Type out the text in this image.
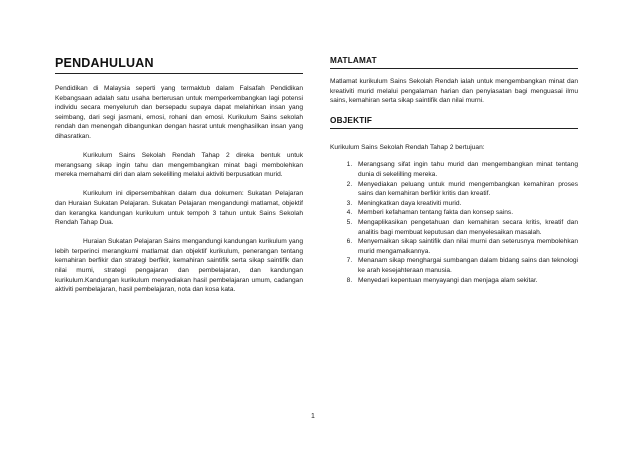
PENDAHULUAN

Pendidikan di Malaysia seperti yang termaktub dalam Falsafah Pendidikan Kebangsaan adalah satu usaha berterusan untuk memperkembangkan lagi potensi individu secara menyeluruh dan bersepadu supaya dapat melahirkan insan yang seimbang, dari segi jasmani, emosi, rohani dan emosi. Kurikulum Sains sekolah rendah dan menengah dibangunkan dengan hasrat untuk menghasilkan insan yang dihasratkan.

Kurikulum Sains Sekolah Rendah Tahap 2 direka bentuk untuk merangsang sikap ingin tahu dan mengembangkan minat bagi membolehkan mereka memahami diri dan alam sekelilling melalui aktiviti berpusatkan murid.

Kurikulum ini dipersembahkan dalam dua dokumen: Sukatan Pelajaran dan Huraian Sukatan Pelajaran. Sukatan Pelajaran mengandungi matlamat, objektif dan kerangka kandungan kurikulum untuk tempoh 3 tahun untuk Sains Sekolah Rendah Tahap Dua.

Huraian Sukatan Pelajaran Sains mengandungi kandungan kurikulum yang lebih terperinci merangkumi matlamat dan objektif kurikulum, penerangan tentang kemahiran berfikir dan strategi berfikir, kemahiran saintifik serta sikap saintifik dan nilai murni, strategi pengajaran dan pembelajaran, dan kandungan kurikulum.Kandungan kurikulum menyediakan hasil pembelajaran umum, cadangan aktiviti pembelajaran, hasil pembelajaran, nota dan kosa kata.

MATLAMAT

Matlamat kurikulum Sains Sekolah Rendah ialah untuk mengembangkan minat dan kreativiti murid melalui pengalaman harian dan penyiasatan bagi menguasai ilmu sains, kemahiran serta sikap saintifik dan nilai murni.

OBJEKTIF

Kurikulum Sains Sekolah Rendah Tahap 2 bertujuan:

1. Merangsang sifat ingin tahu murid dan mengembangkan minat tentang dunia di sekelilling mereka.
2. Menyediakan peluang untuk murid mengembangkan kemahiran proses sains dan kemahiran berfikir kritis dan kreatif.
3. Meningkatkan daya kreativiti murid.
4. Memberi kefahaman tentang fakta dan konsep sains.
5. Mengaplikasikan pengetahuan dan kemahiran secara kritis, kreatif dan analitis bagi membuat keputusan dan menyelesaikan masalah.
6. Menyemaikan sikap saintifik dan nilai murni dan seterusnya membolehkan murid mengamalkannya.
7. Menanam sikap menghargai sumbangan dalam bidang sains dan teknologi ke arah kesejahteraan manusia.
8. Menyedari kepentuan menyayangi dan menjaga alam sekitar.
1
